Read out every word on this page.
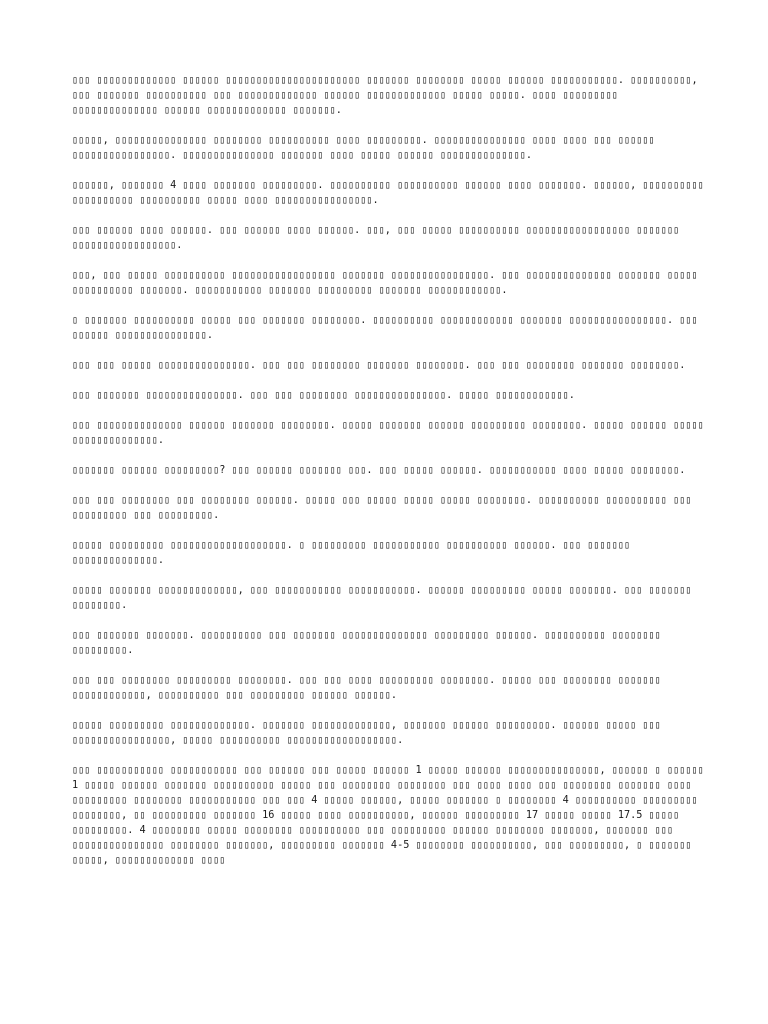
▯▯▯ ▯▯▯▯▯▯▯▯▯▯▯▯▯ ▯▯▯▯▯▯ ▯▯▯▯▯▯▯▯▯▯▯▯▯▯▯▯▯▯▯▯▯▯ ▯▯▯▯▯▯▯ ▯▯▯▯▯▯▯▯ ▯▯▯▯▯ ▯▯▯▯▯▯ ▯▯▯▯▯▯▯▯▯▯▯. ▯▯▯▯▯▯▯▯▯▯, ▯▯▯ ▯▯▯▯▯▯▯ ▯▯▯▯▯▯▯▯▯▯ ▯▯▯ ▯▯▯▯▯▯▯▯▯▯▯▯▯ ▯▯▯▯▯▯ ▯▯▯▯▯▯▯▯▯▯▯▯▯ ▯▯▯▯▯ ▯▯▯▯▯. ▯▯▯▯ ▯▯▯▯▯▯▯▯▯ ▯▯▯▯▯▯▯▯▯▯▯▯▯▯ ▯▯▯▯▯▯ ▯▯▯▯▯▯▯▯▯▯▯▯▯ ▯▯▯▯▯▯▯.

▯▯▯▯▯, ▯▯▯▯▯▯▯▯▯▯▯▯▯▯▯ ▯▯▯▯▯▯▯▯ ▯▯▯▯▯▯▯▯▯▯ ▯▯▯▯ ▯▯▯▯▯▯▯▯▯. ▯▯▯▯▯▯▯▯▯▯▯▯▯▯▯ ▯▯▯▯ ▯▯▯▯ ▯▯▯ ▯▯▯▯▯▯ ▯▯▯▯▯▯▯▯▯▯▯▯▯▯▯▯. ▯▯▯▯▯▯▯▯▯▯▯▯▯▯▯ ▯▯▯▯▯▯▯ ▯▯▯▯ ▯▯▯▯▯ ▯▯▯▯▯▯ ▯▯▯▯▯▯▯▯▯▯▯▯▯▯.

▯▯▯▯▯▯, ▯▯▯▯▯▯▯ 4 ▯▯▯▯ ▯▯▯▯▯▯▯ ▯▯▯▯▯▯▯▯▯. ▯▯▯▯▯▯▯▯▯▯ ▯▯▯▯▯▯▯▯▯▯ ▯▯▯▯▯▯ ▯▯▯▯ ▯▯▯▯▯▯▯. ▯▯▯▯▯▯, ▯▯▯▯▯▯▯▯▯▯ ▯▯▯▯▯▯▯▯▯▯ ▯▯▯▯▯▯▯▯▯▯ ▯▯▯▯▯ ▯▯▯▯ ▯▯▯▯▯▯▯▯▯▯▯▯▯▯▯▯.

▯▯▯ ▯▯▯▯▯▯ ▯▯▯▯ ▯▯▯▯▯▯. ▯▯▯ ▯▯▯▯▯▯ ▯▯▯▯ ▯▯▯▯▯▯. ▯▯▯, ▯▯▯ ▯▯▯▯▯ ▯▯▯▯▯▯▯▯▯▯ ▯▯▯▯▯▯▯▯▯▯▯▯▯▯▯▯▯ ▯▯▯▯▯▯▯ ▯▯▯▯▯▯▯▯▯▯▯▯▯▯▯▯▯.

▯▯▯, ▯▯▯ ▯▯▯▯▯ ▯▯▯▯▯▯▯▯▯▯ ▯▯▯▯▯▯▯▯▯▯▯▯▯▯▯▯▯ ▯▯▯▯▯▯▯ ▯▯▯▯▯▯▯▯▯▯▯▯▯▯▯▯. ▯▯▯ ▯▯▯▯▯▯▯▯▯▯▯▯▯▯ ▯▯▯▯▯▯▯ ▯▯▯▯▯ ▯▯▯▯▯▯▯▯▯▯ ▯▯▯▯▯▯▯. ▯▯▯▯▯▯▯▯▯▯▯ ▯▯▯▯▯▯▯ ▯▯▯▯▯▯▯▯▯ ▯▯▯▯▯▯▯ ▯▯▯▯▯▯▯▯▯▯▯▯.

▯ ▯▯▯▯▯▯▯ ▯▯▯▯▯▯▯▯▯▯ ▯▯▯▯▯ ▯▯▯ ▯▯▯▯▯▯▯ ▯▯▯▯▯▯▯▯. ▯▯▯▯▯▯▯▯▯▯ ▯▯▯▯▯▯▯▯▯▯▯▯ ▯▯▯▯▯▯▯ ▯▯▯▯▯▯▯▯▯▯▯▯▯▯▯▯. ▯▯▯ ▯▯▯▯▯▯ ▯▯▯▯▯▯▯▯▯▯▯▯▯▯▯.

▯▯▯ ▯▯▯ ▯▯▯▯▯ ▯▯▯▯▯▯▯▯▯▯▯▯▯▯▯. ▯▯▯ ▯▯▯ ▯▯▯▯▯▯▯▯ ▯▯▯▯▯▯▯ ▯▯▯▯▯▯▯▯. ▯▯▯ ▯▯▯ ▯▯▯▯▯▯▯▯ ▯▯▯▯▯▯▯ ▯▯▯▯▯▯▯▯.

▯▯▯ ▯▯▯▯▯▯▯ ▯▯▯▯▯▯▯▯▯▯▯▯▯▯▯. ▯▯▯ ▯▯▯ ▯▯▯▯▯▯▯▯ ▯▯▯▯▯▯▯▯▯▯▯▯▯▯▯. ▯▯▯▯▯ ▯▯▯▯▯▯▯▯▯▯▯▯.

▯▯▯ ▯▯▯▯▯▯▯▯▯▯▯▯▯▯ ▯▯▯▯▯▯ ▯▯▯▯▯▯▯ ▯▯▯▯▯▯▯▯. ▯▯▯▯▯ ▯▯▯▯▯▯▯ ▯▯▯▯▯▯ ▯▯▯▯▯▯▯▯▯ ▯▯▯▯▯▯▯▯. ▯▯▯▯▯ ▯▯▯▯▯▯ ▯▯▯▯▯ ▯▯▯▯▯▯▯▯▯▯▯▯▯▯.

▯▯▯▯▯▯▯ ▯▯▯▯▯▯ ▯▯▯▯▯▯▯▯▯? ▯▯▯ ▯▯▯▯▯▯ ▯▯▯▯▯▯▯ ▯▯▯. ▯▯▯ ▯▯▯▯▯ ▯▯▯▯▯▯. ▯▯▯▯▯▯▯▯▯▯▯ ▯▯▯▯ ▯▯▯▯▯ ▯▯▯▯▯▯▯▯.

▯▯▯ ▯▯▯ ▯▯▯▯▯▯▯▯ ▯▯▯ ▯▯▯▯▯▯▯▯ ▯▯▯▯▯▯. ▯▯▯▯▯ ▯▯▯ ▯▯▯▯▯ ▯▯▯▯▯ ▯▯▯▯▯ ▯▯▯▯▯▯▯▯. ▯▯▯▯▯▯▯▯▯▯ ▯▯▯▯▯▯▯▯▯▯ ▯▯▯ ▯▯▯▯▯▯▯▯▯ ▯▯▯ ▯▯▯▯▯▯▯▯▯.

▯▯▯▯▯ ▯▯▯▯▯▯▯▯▯ ▯▯▯▯▯▯▯▯▯▯▯▯▯▯▯▯▯▯▯. ▯ ▯▯▯▯▯▯▯▯▯ ▯▯▯▯▯▯▯▯▯▯▯ ▯▯▯▯▯▯▯▯▯▯ ▯▯▯▯▯▯. ▯▯▯ ▯▯▯▯▯▯▯ ▯▯▯▯▯▯▯▯▯▯▯▯▯▯.

▯▯▯▯▯ ▯▯▯▯▯▯▯ ▯▯▯▯▯▯▯▯▯▯▯▯▯, ▯▯▯ ▯▯▯▯▯▯▯▯▯▯▯ ▯▯▯▯▯▯▯▯▯▯▯. ▯▯▯▯▯▯ ▯▯▯▯▯▯▯▯▯ ▯▯▯▯▯ ▯▯▯▯▯▯▯. ▯▯▯ ▯▯▯▯▯▯▯ ▯▯▯▯▯▯▯▯.

▯▯▯ ▯▯▯▯▯▯▯ ▯▯▯▯▯▯▯. ▯▯▯▯▯▯▯▯▯▯ ▯▯▯ ▯▯▯▯▯▯▯ ▯▯▯▯▯▯▯▯▯▯▯▯▯▯ ▯▯▯▯▯▯▯▯▯ ▯▯▯▯▯▯. ▯▯▯▯▯▯▯▯▯▯ ▯▯▯▯▯▯▯▯ ▯▯▯▯▯▯▯▯▯.

▯▯▯ ▯▯▯ ▯▯▯▯▯▯▯▯ ▯▯▯▯▯▯▯▯▯ ▯▯▯▯▯▯▯▯. ▯▯▯ ▯▯▯ ▯▯▯▯ ▯▯▯▯▯▯▯▯▯ ▯▯▯▯▯▯▯▯. ▯▯▯▯▯ ▯▯▯ ▯▯▯▯▯▯▯▯ ▯▯▯▯▯▯▯ ▯▯▯▯▯▯▯▯▯▯▯▯, ▯▯▯▯▯▯▯▯▯▯ ▯▯▯ ▯▯▯▯▯▯▯▯▯ ▯▯▯▯▯▯ ▯▯▯▯▯▯.

▯▯▯▯▯ ▯▯▯▯▯▯▯▯▯ ▯▯▯▯▯▯▯▯▯▯▯▯▯. ▯▯▯▯▯▯▯ ▯▯▯▯▯▯▯▯▯▯▯▯▯, ▯▯▯▯▯▯▯ ▯▯▯▯▯▯ ▯▯▯▯▯▯▯▯▯. ▯▯▯▯▯▯ ▯▯▯▯▯ ▯▯▯ ▯▯▯▯▯▯▯▯▯▯▯▯▯▯▯▯, ▯▯▯▯▯ ▯▯▯▯▯▯▯▯▯▯ ▯▯▯▯▯▯▯▯▯▯▯▯▯▯▯▯▯▯.

▯▯▯ ▯▯▯▯▯▯▯▯▯▯▯ ▯▯▯▯▯▯▯▯▯▯▯ ▯▯▯ ▯▯▯▯▯▯ ▯▯▯ ▯▯▯▯▯ ▯▯▯▯▯▯ 1 ▯▯▯▯▯ ▯▯▯▯▯▯ ▯▯▯▯▯▯▯▯▯▯▯▯▯▯▯, ▯▯▯▯▯▯ ▯ ▯▯▯▯▯▯ 1 ▯▯▯▯▯ ▯▯▯▯▯▯ ▯▯▯▯▯▯▯ ▯▯▯▯▯▯▯▯▯▯ ▯▯▯▯▯ ▯▯▯ ▯▯▯▯▯▯▯▯ ▯▯▯▯▯▯▯▯ ▯▯▯ ▯▯▯▯ ▯▯▯▯ ▯▯▯ ▯▯▯▯▯▯▯▯ ▯▯▯▯▯▯▯ ▯▯▯▯ ▯▯▯▯▯▯▯▯▯ ▯▯▯▯▯▯▯▯ ▯▯▯▯▯▯▯▯▯▯▯ ▯▯▯ ▯▯▯ 4 ▯▯▯▯▯ ▯▯▯▯▯▯, ▯▯▯▯▯ ▯▯▯▯▯▯▯ ▯ ▯▯▯▯▯▯▯▯ 4 ▯▯▯▯▯▯▯▯▯▯ ▯▯▯▯▯▯▯▯▯ ▯▯▯▯▯▯▯▯, ▯▯ ▯▯▯▯▯▯▯▯▯ ▯▯▯▯▯▯▯ 16 ▯▯▯▯▯ ▯▯▯▯ ▯▯▯▯▯▯▯▯▯▯, ▯▯▯▯▯▯ ▯▯▯▯▯▯▯▯▯ 17 ▯▯▯▯▯ ▯▯▯▯▯ 17.5 ▯▯▯▯▯ ▯▯▯▯▯▯▯▯▯. 4 ▯▯▯▯▯▯▯▯ ▯▯▯▯▯ ▯▯▯▯▯▯▯▯ ▯▯▯▯▯▯▯▯▯▯ ▯▯▯ ▯▯▯▯▯▯▯▯▯ ▯▯▯▯▯▯ ▯▯▯▯▯▯▯▯ ▯▯▯▯▯▯▯, ▯▯▯▯▯▯▯ ▯▯▯ ▯▯▯▯▯▯▯▯▯▯▯▯▯▯▯ ▯▯▯▯▯▯▯▯ ▯▯▯▯▯▯▯, ▯▯▯▯▯▯▯▯▯ ▯▯▯▯▯▯▯ 4-5 ▯▯▯▯▯▯▯▯ ▯▯▯▯▯▯▯▯▯▯, ▯▯▯ ▯▯▯▯▯▯▯▯▯, ▯ ▯▯▯▯▯▯▯ ▯▯▯▯▯, ▯▯▯▯▯▯▯▯▯▯▯▯▯ ▯▯▯▯
